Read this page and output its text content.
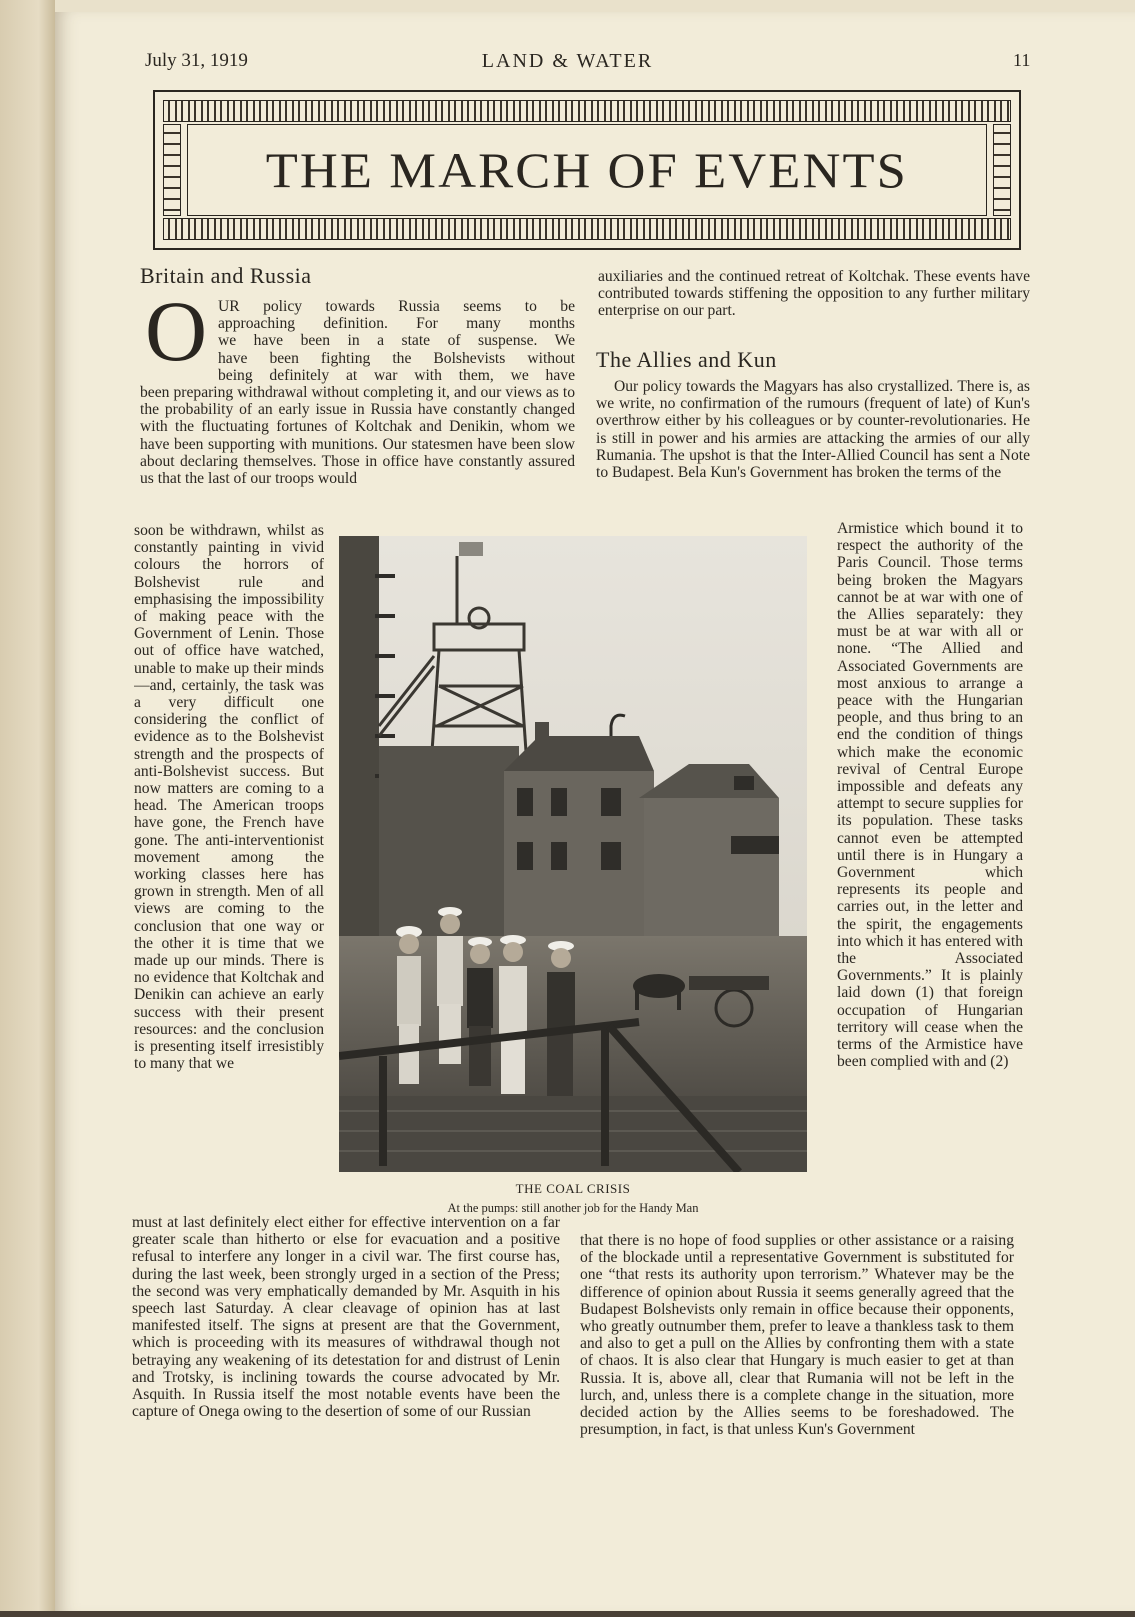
July 31, 1919	LAND & WATER	11
THE MARCH OF EVENTS
Britain and Russia
O UR policy towards Russia seems to be

approaching definition. For many months

we have been in a state of suspense. We

have been fighting the Bolshevists without

being definitely at war with them, we have

been preparing withdrawal without completing it, and our views as to the probability of an early issue in Russia have constantly changed with the fluctuating fortunes of Koltchak and Denikin, whom we have been supporting with munitions. Our statesmen have been slow about declaring themselves. Those in office have constantly assured us that the last of our troops would

soon be withdrawn, whilst as constantly painting in vivid colours the horrors of Bolshevist rule and emphasising the impossibility of making peace with the Government of Lenin. Those out of office have watched, unable to make up their minds—and, certainly, the task was a very difficult one considering the conflict of evidence as to the Bolshevist strength and the prospects of anti-Bolshevist success. But now matters are coming to a head. The American troops have gone, the French have gone. The anti-interventionist movement among the working classes here has grown in strength. Men of all views are coming to the conclusion that one way or the other it is time that we made up our minds. There is no evidence that Koltchak and Denikin can achieve an early success with their present resources: and the conclusion is presenting itself irresistibly to many that we

must at last definitely elect either for effective intervention on a far greater scale than hitherto or else for evacuation and a positive refusal to interfere any longer in a civil war. The first course has, during the last week, been strongly urged in a section of the Press; the second was very emphatically demanded by Mr. Asquith in his speech last Saturday. A clear cleavage of opinion has at last manifested itself. The signs at present are that the Government, which is proceeding with its measures of withdrawal though not betraying any weakening of its detestation for and distrust of Lenin and Trotsky, is inclining towards the course advocated by Mr. Asquith. In Russia itself the most notable events have been the capture of Onega owing to the desertion of some of our Russian

auxiliaries and the continued retreat of Koltchak. These events have contributed towards stiffening the opposition to any further military enterprise on our part.

The Allies and Kun

Our policy towards the Magyars has also crystallized. There is, as we write, no confirmation of the rumours (frequent of late) of Kun's overthrow either by his colleagues or by counter-revolutionaries. He is still in power and his armies are attacking the armies of our ally Rumania. The upshot is that the Inter-Allied Council has sent a Note to Budapest. Bela Kun's Government has broken the terms of the

Armistice which bound it to respect the authority of the Paris Council. Those terms being broken the Magyars cannot be at war with one of the Allies separately: they must be at war with all or none. “The Allied and Associated Governments are most anxious to arrange a peace with the Hungarian people, and thus bring to an end the condition of things which make the economic revival of Central Europe impossible and defeats any attempt to secure supplies for its population. These tasks cannot even be attempted until there is in Hungary a Government which represents its people and carries out, in the letter and the spirit, the engagements into which it has entered with the Associated Governments.” It is plainly laid down (1) that foreign occupation of Hungarian territory will cease when the terms of the Armistice have been complied with and (2)

that there is no hope of food supplies or other assistance or a raising of the blockade until a representative Government is substituted for one “that rests its authority upon terrorism.” Whatever may be the difference of opinion about Russia it seems generally agreed that the Budapest Bolshevists only remain in office because their opponents, who greatly outnumber them, prefer to leave a thankless task to them and also to get a pull on the Allies by confronting them with a state of chaos. It is also clear that Hungary is much easier to get at than Russia. It is, above all, clear that Rumania will not be left in the lurch, and, unless there is a complete change in the situation, more decided action by the Allies seems to be foreshadowed. The presumption, in fact, is that unless Kun's Government

THE COAL CRISIS
At the pumps: still another job for the Handy Man
